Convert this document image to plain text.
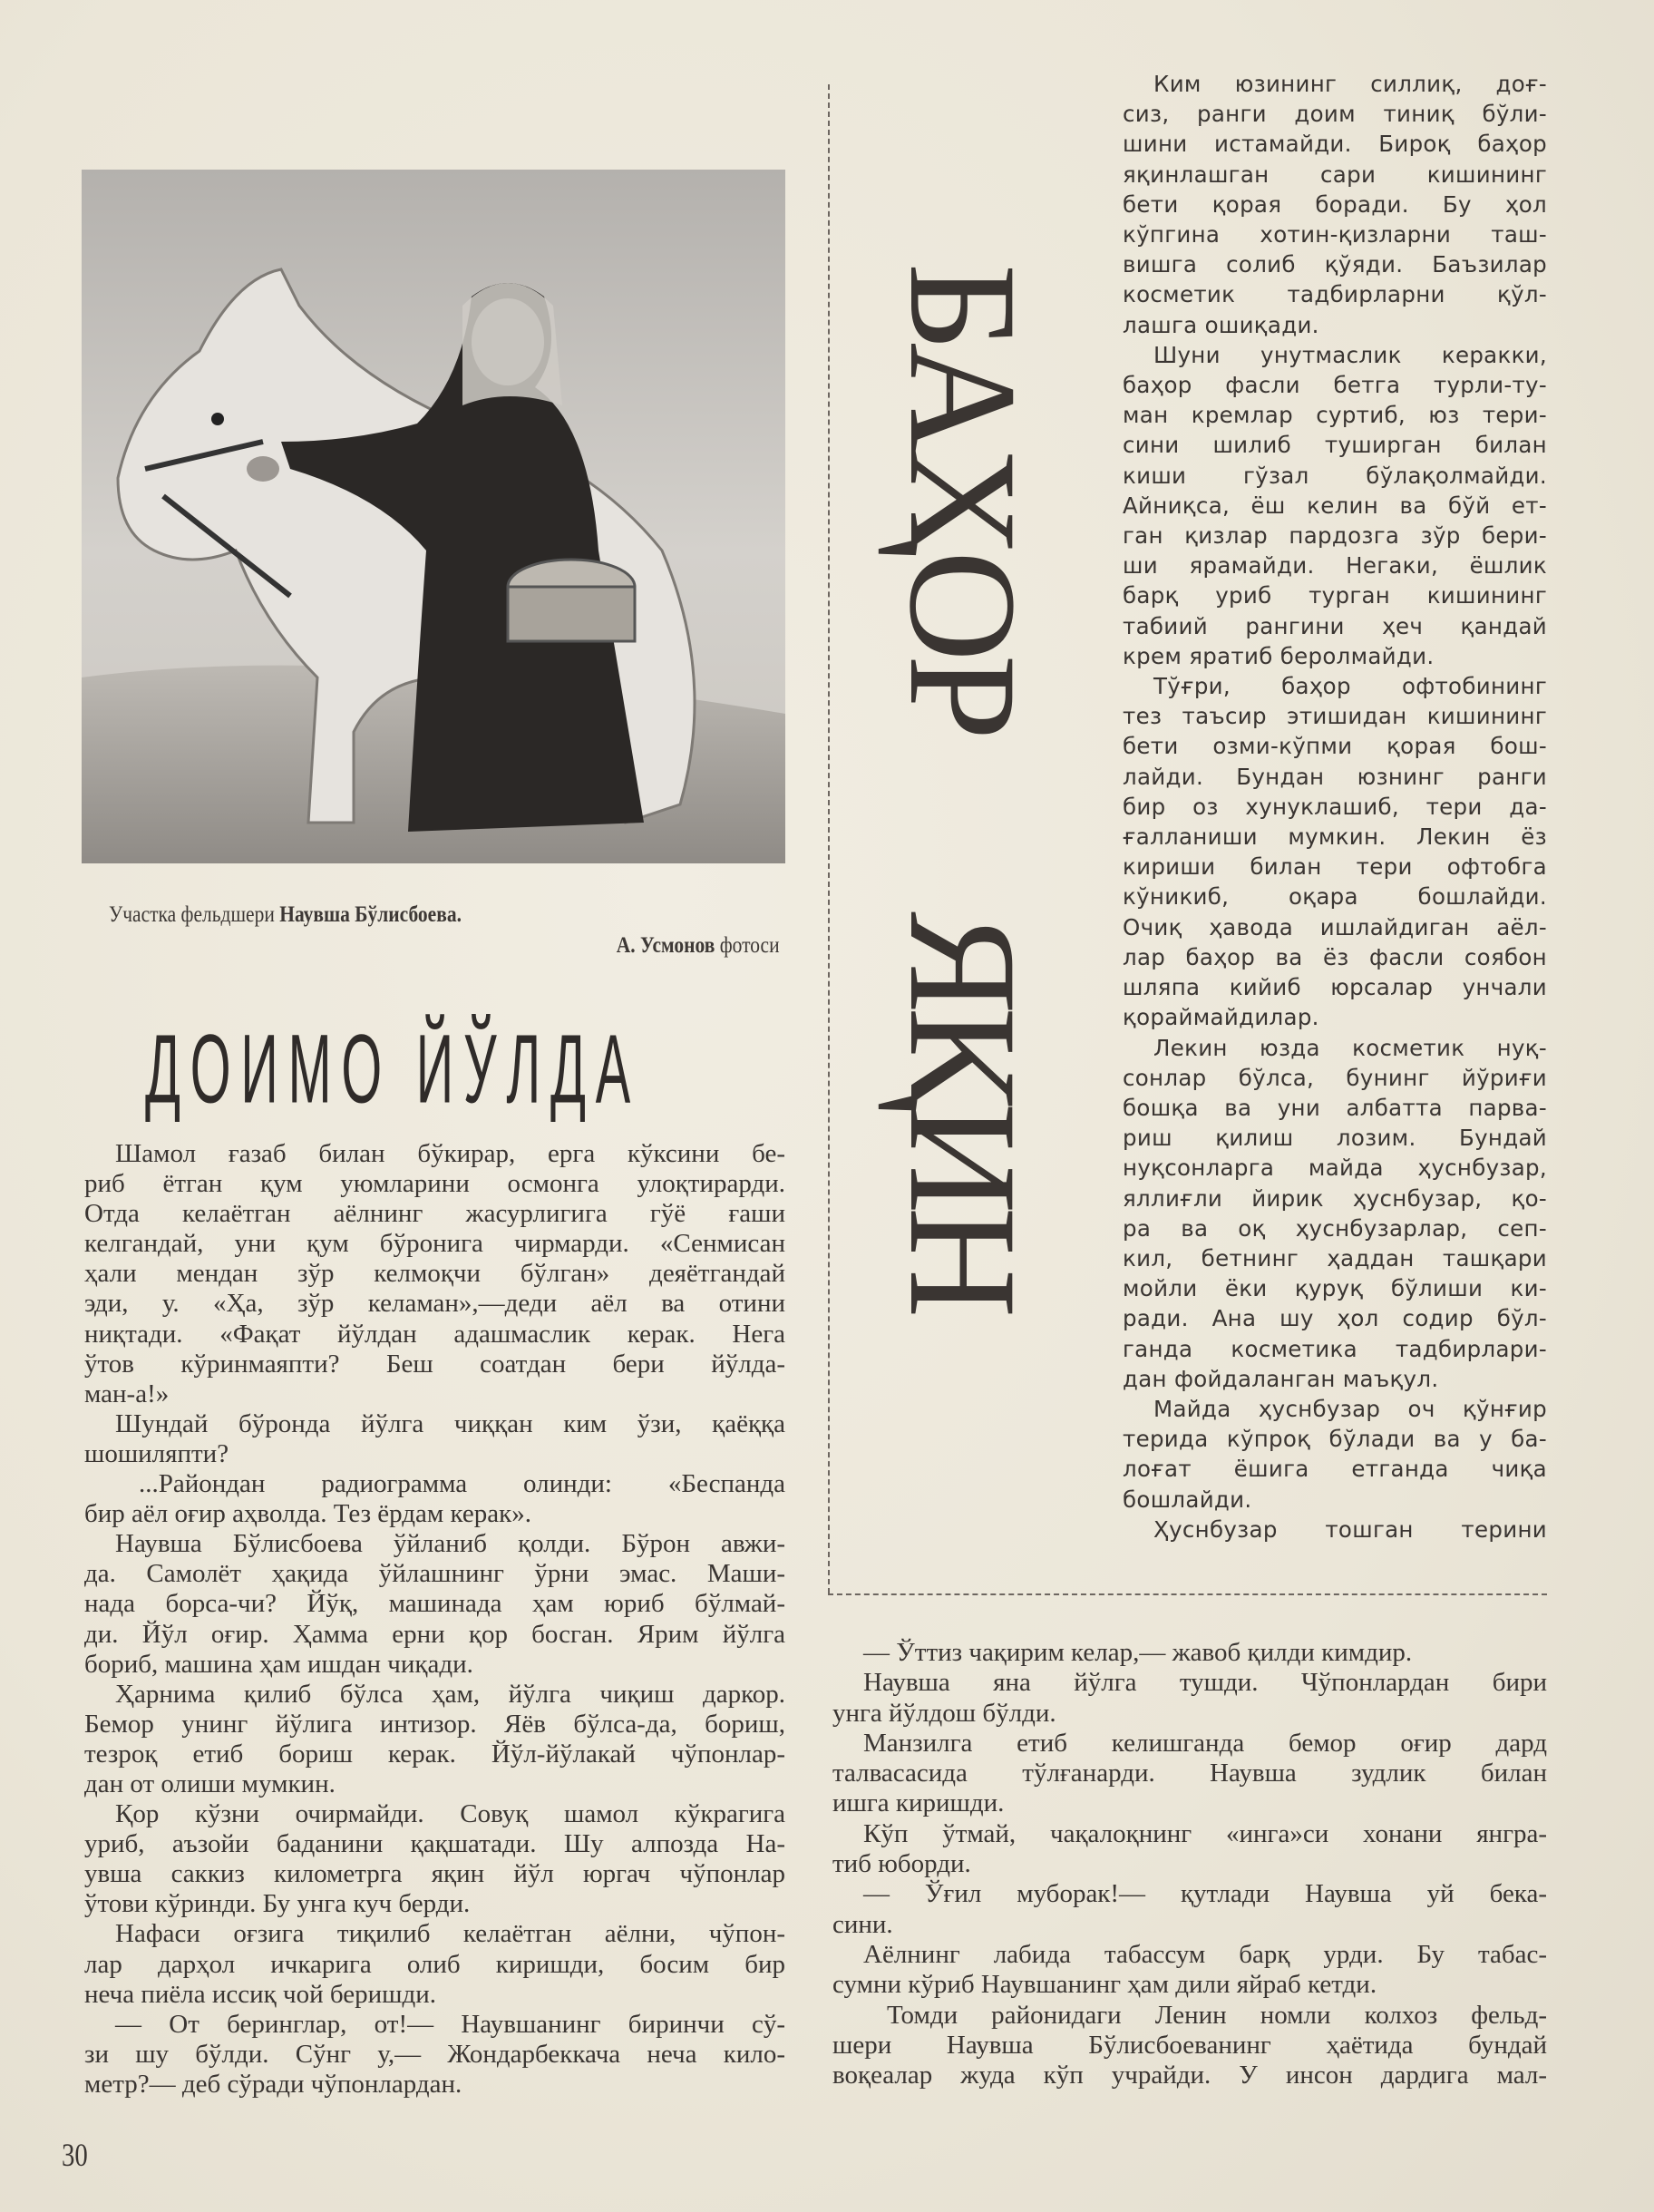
Участка фельдшери Наувша Бўлисбоева.
А. Усмонов фотоси
ДОИМО ЙЎЛДА
Шамол ғазаб билан бўкирар, ерга кўксини бе-
риб ётган қум уюмларини осмонга улоқтирарди.
Отда келаётган аёлнинг жасурлигига гўё ғаши
келгандай, уни қум бўронига чирмарди. «Сенмисан
ҳали мендан зўр келмоқчи бўлган» деяётгандай
эди, у. «Ҳа, зўр келаман»,—деди аёл ва отини
ниқтади. «Фақат йўлдан адашмаслик керак. Нега
ўтов кўринмаяпти? Беш соатдан бери йўлда-
ман-а!»
Шундай бўронда йўлга чиққан ким ўзи, қаёққа
шошиляпти?
...Райондан радиограмма олинди: «Беспанда
бир аёл оғир аҳволда. Тез ёрдам керак».
Наувша Бўлисбоева ўйланиб қолди. Бўрон авжи-
да. Самолёт ҳақида ўйлашнинг ўрни эмас. Маши-
нада борса-чи? Йўқ, машинада ҳам юриб бўлмай-
ди. Йўл оғир. Ҳамма ерни қор босган. Ярим йўлга
бориб, машина ҳам ишдан чиқади.
Ҳарнима қилиб бўлса ҳам, йўлга чиқиш даркор.
Бемор унинг йўлига интизор. Яёв бўлса-да, бориш,
тезроқ етиб бориш керак. Йўл-йўлакай чўпонлар-
дан от олиши мумкин.
Қор кўзни очирмайди. Совуқ шамол кўкрагига
уриб, аъзойи баданини қақшатади. Шу алпозда На-
увша саккиз километрга яқин йўл юргач чўпонлар
ўтови кўринди. Бу унга куч берди.
Нафаси оғзига тиқилиб келаётган аёлни, чўпон-
лар дарҳол ичкарига олиб киришди, босим бир
неча пиёла иссиқ чой беришди.
— От беринглар, от!— Наувшанинг биринчи сў-
зи шу бўлди. Сўнг у,— Жондарбеккача неча кило-
метр?— деб сўради чўпонлардан.
БАҲОР
ЯҚИН
Ким юзининг силлиқ, доғ-
сиз, ранги доим тиниқ бўли-
шини истамайди. Бироқ баҳор
яқинлашган сари кишининг
бети қорая боради. Бу ҳол
кўпгина хотин-қизларни таш-
вишга солиб қўяди. Баъзилар
косметик тадбирларни қўл-
лашга ошиқади.
Шуни унутмаслик керакки,
баҳор фасли бетга турли-ту-
ман кремлар суртиб, юз тери-
сини шилиб туширган билан
киши гўзал бўлақолмайди.
Айниқса, ёш келин ва бўй ет-
ган қизлар пардозга зўр бери-
ши ярамайди. Негаки, ёшлик
барқ уриб турган кишининг
табиий рангини ҳеч қандай
крем яратиб беролмайди.
Тўғри, баҳор офтобининг
тез таъсир этишидан кишининг
бети озми-кўпми қорая бош-
лайди. Бундан юзнинг ранги
бир оз хунуклашиб, тери да-
ғалланиши мумкин. Лекин ёз
кириши билан тери офтобга
кўникиб, оқара бошлайди.
Очиқ ҳавода ишлайдиган аёл-
лар баҳор ва ёз фасли соябон
шляпа кийиб юрсалар унчали
қораймайдилар.
Лекин юзда косметик нуқ-
сонлар бўлса, бунинг йўриғи
бошқа ва уни албатта парва-
риш қилиш лозим. Бундай
нуқсонларга майда ҳуснбузар,
яллиғли йирик ҳуснбузар, қо-
ра ва оқ ҳуснбузарлар, сеп-
кил, бетнинг ҳаддан ташқари
мойли ёки қуруқ бўлиши ки-
ради. Ана шу ҳол содир бўл-
ганда косметика тадбирлари-
дан фойдаланган маъқул.
Майда ҳуснбузар оч қўнғир
терида кўпроқ бўлади ва у ба-
лоғат ёшига етганда чиқа
бошлайди.
Ҳуснбузар тошган терини
— Ўттиз чақирим келар,— жавоб қилди кимдир.
Наувша яна йўлга тушди. Чўпонлардан бири
унга йўлдош бўлди.
Манзилга етиб келишганда бемор оғир дард
талвасасида тўлғанарди. Наувша зудлик билан
ишга киришди.
Кўп ўтмай, чақалоқнинг «инга»си хонани янгра-
тиб юборди.
— Ўғил муборак!— қутлади Наувша уй бека-
сини.
Аёлнинг лабида табассум барқ урди. Бу табас-
сумни кўриб Наувшанинг ҳам дили яйраб кетди.
Томди районидаги Ленин номли колхоз фельд-
шери Наувша Бўлисбоеванинг ҳаётида бундай
воқеалар жуда кўп учрайди. У инсон дардига мал-
30
